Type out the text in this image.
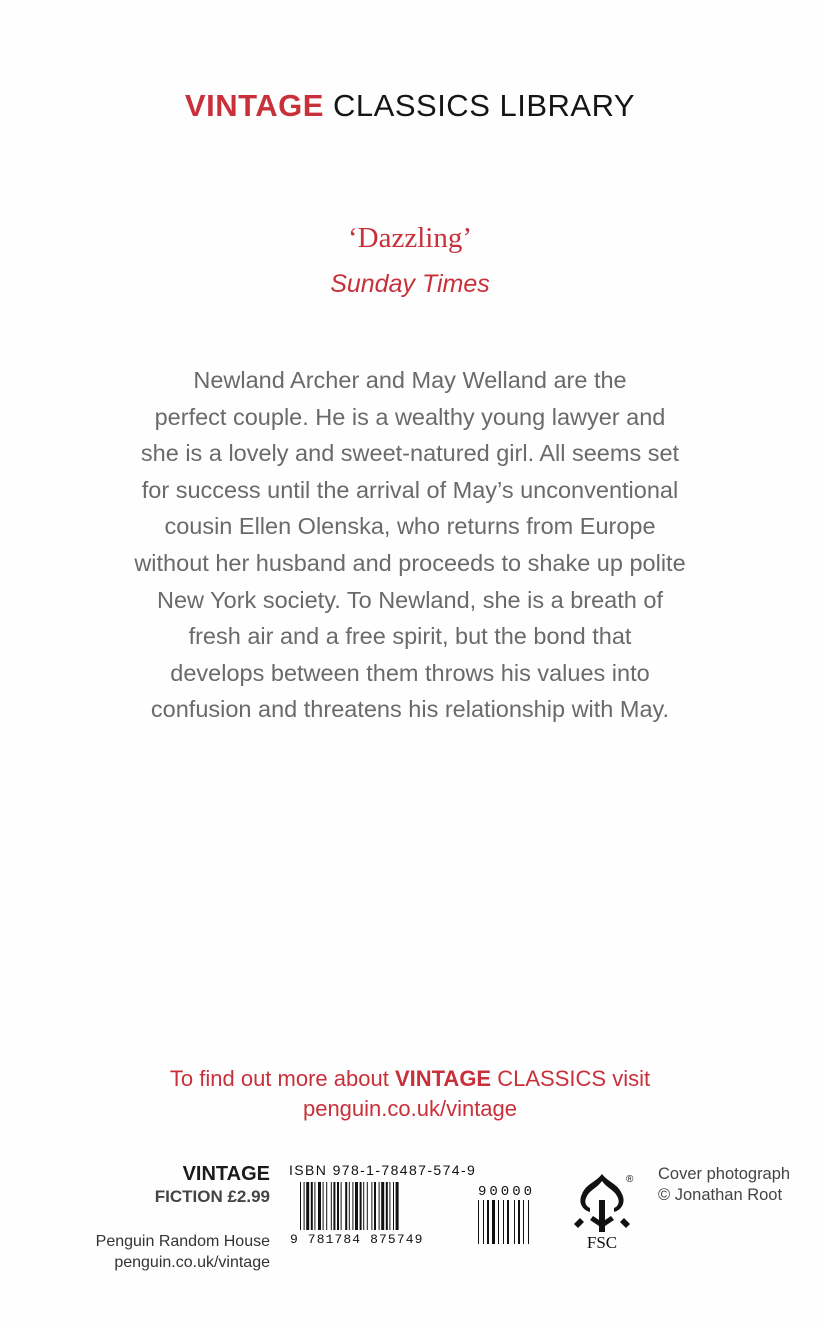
VINTAGE CLASSICS LIBRARY
‘Dazzling’
Sunday Times
Newland Archer and May Welland are the
perfect couple. He is a wealthy young lawyer and
she is a lovely and sweet-natured girl. All seems set
for success until the arrival of May’s unconventional
cousin Ellen Olenska, who returns from Europe
without her husband and proceeds to shake up polite
New York society. To Newland, she is a breath of
fresh air and a free spirit, but the bond that
develops between them throws his values into
confusion and threatens his relationship with May.
To find out more about VINTAGE CLASSICS visit
penguin.co.uk/vintage
VINTAGE
FICTION £2.99
Penguin Random House
penguin.co.uk/vintage
ISBN 978-1-78487-574-9
9 781784 875749
90000
®
FSC
Cover photograph
© Jonathan Root
